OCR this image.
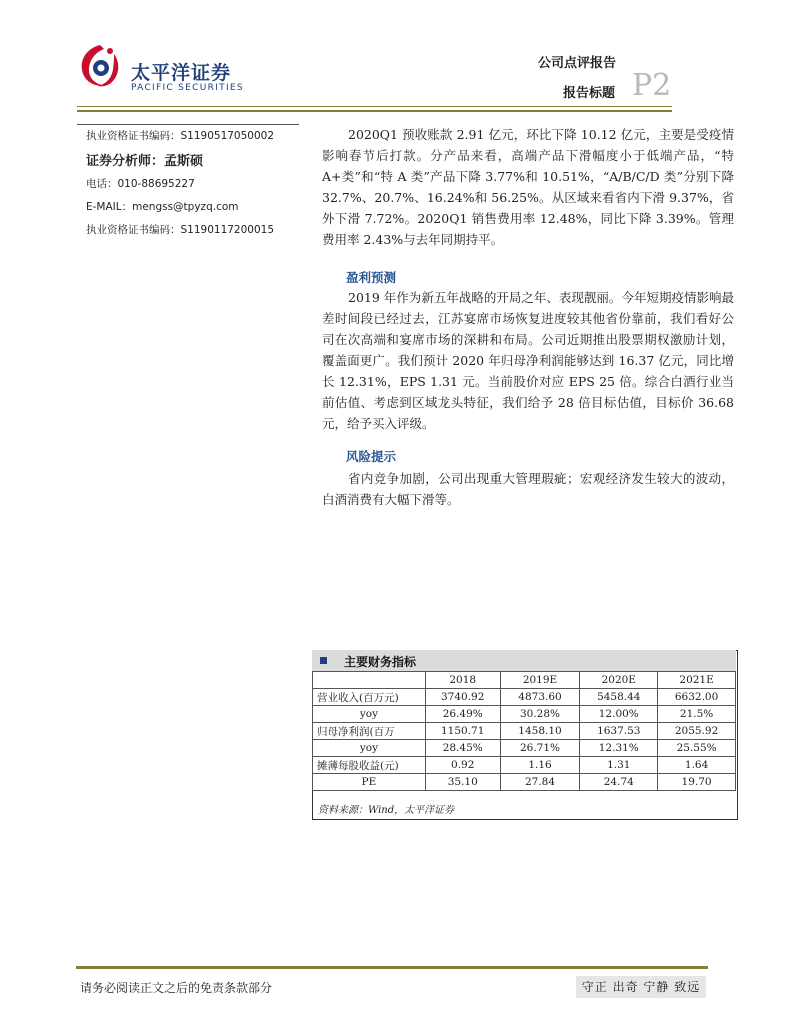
太平洋证券
PACIFIC SECURITIES
公司点评报告
报告标题 P2
执业资格证书编码：S1190517050002
证券分析师：孟斯硕
电话：010-88695227
E-MAIL：mengss@tpyzq.com
执业资格证书编码：S1190117200015
2020Q1 预收账款 2.91 亿元，环比下降 10.12 亿元，主要是受疫情影响春节后打款。分产品来看，高端产品下滑幅度小于低端产品，“特 A+类”和“特 A 类”产品下降 3.77%和 10.51%，“A/B/C/D 类”分别下降 32.7%、20.7%、16.24%和 56.25%。从区域来看省内下滑 9.37%，省外下滑 7.72%。2020Q1 销售费用率 12.48%，同比下降 3.39%。管理费用率 2.43%与去年同期持平。
盈利预测
2019 年作为新五年战略的开局之年、表现靓丽。今年短期疫情影响最差时间段已经过去，江苏宴席市场恢复进度较其他省份靠前，我们看好公司在次高端和宴席市场的深耕和布局。公司近期推出股票期权激励计划，覆盖面更广。我们预计 2020 年归母净利润能够达到 16.37 亿元，同比增长 12.31%，EPS 1.31 元。当前股价对应 EPS 25 倍。综合白酒行业当前估值、考虑到区域龙头特征，我们给予 28 倍目标估值，目标价 36.68 元，给予买入评级。
风险提示
省内竞争加剧，公司出现重大管理瑕疵；宏观经济发生较大的波动，白酒消费有大幅下滑等。
主要财务指标
	2018	2019E	2020E	2021E
营业收入(百万元)	3740.92	4873.60	5458.44	6632.00
yoy	26.49%	30.28%	12.00%	21.5%
归母净利润(百万	1150.71	1458.10	1637.53	2055.92
yoy	28.45%	26.71%	12.31%	25.55%
摊薄每股收益(元)	0.92	1.16	1.31	1.64
PE	35.10	27.84	24.74	19.70
资料来源：Wind，太平洋证券
请务必阅读正文之后的免责条款部分	守正 出奇 宁静 致远
